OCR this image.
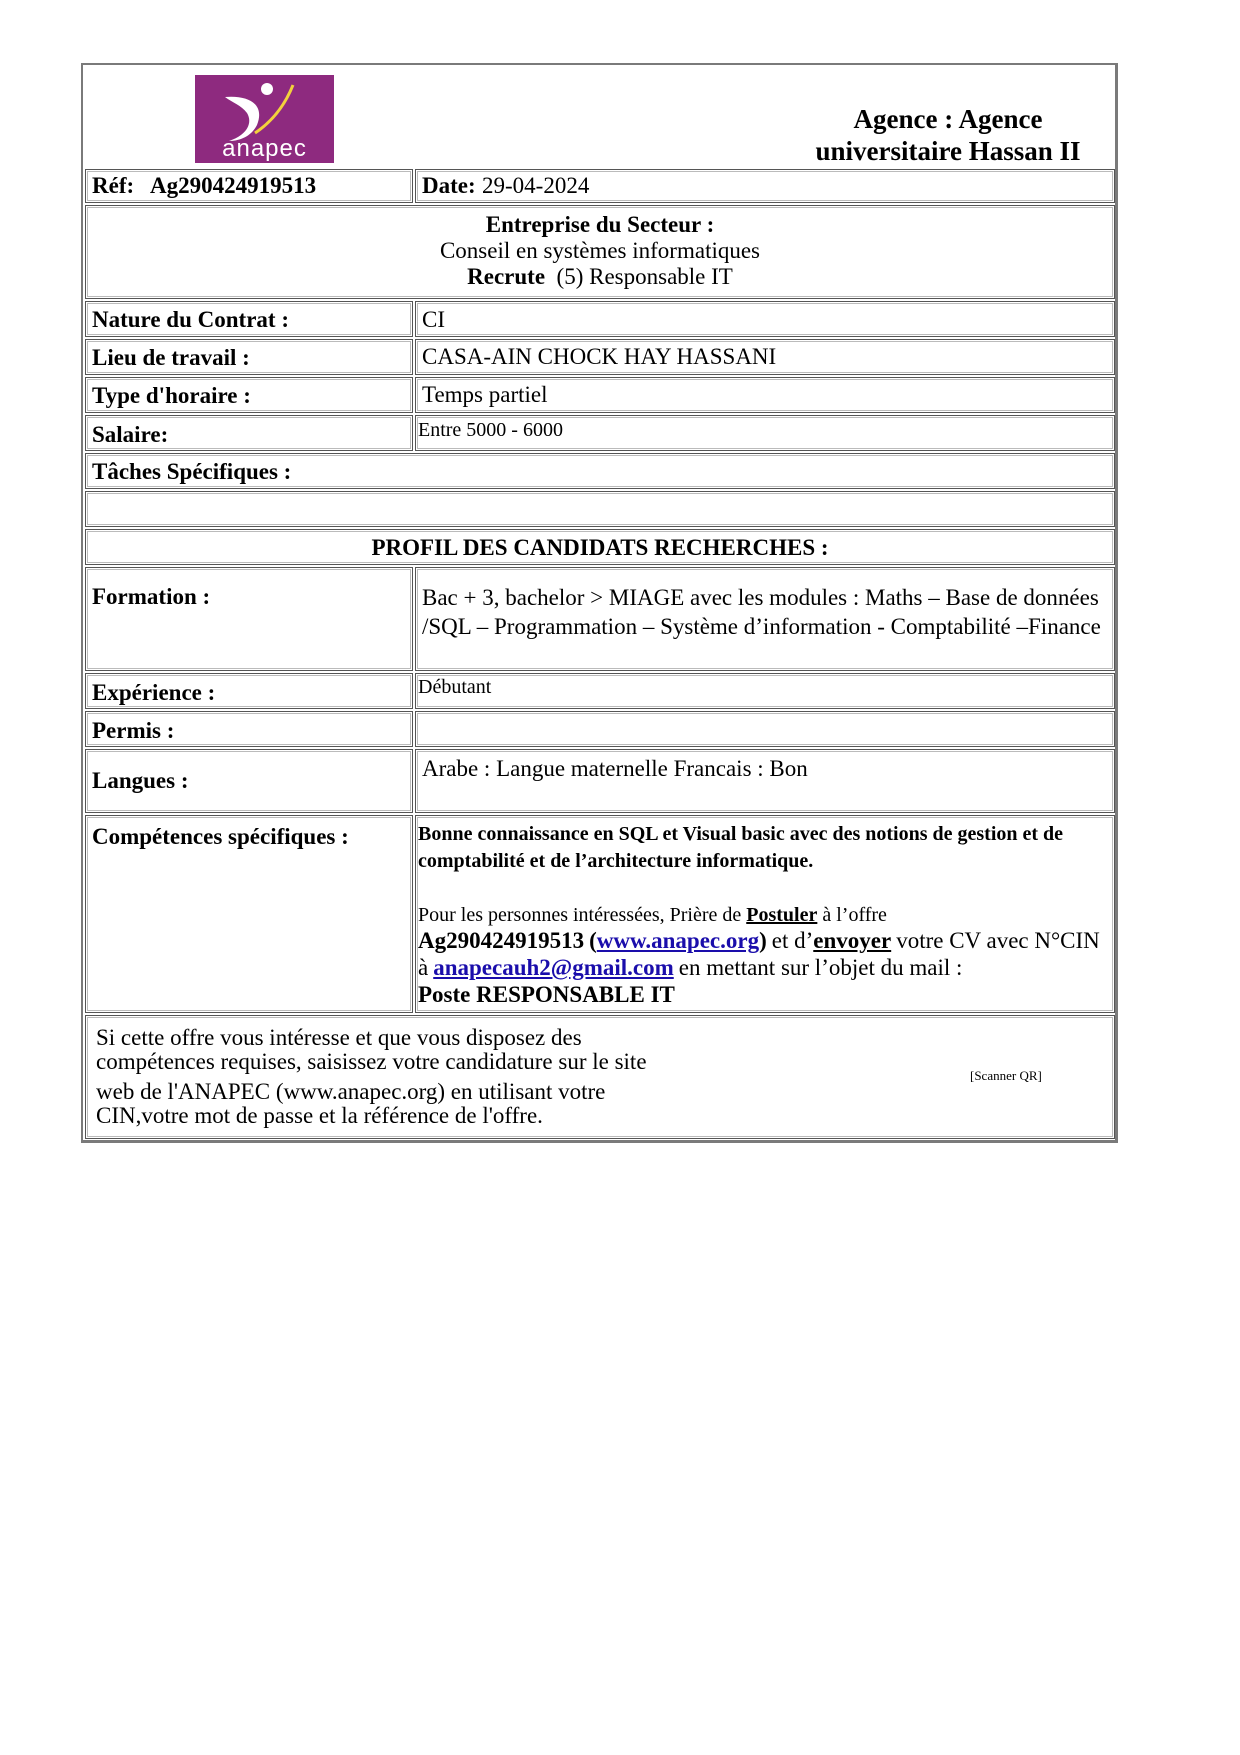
anapec
Agence : Agence
universitaire Hassan II
Réf: Ag290424919513	Date: 29-04-2024
Entreprise du Secteur :
Conseil en systèmes informatiques
Recrute (5) Responsable IT
Nature du Contrat :	CI
Lieu de travail :	CASA-AIN CHOCK HAY HASSANI
Type d'horaire :	Temps partiel
Salaire:	Entre 5000 - 6000
Tâches Spécifiques :
PROFIL DES CANDIDATS RECHERCHES :
Formation :	Bac + 3, bachelor > MIAGE avec les modules : Maths – Base de données /SQL – Programmation – Système d’information - Comptabilité –Finance
Expérience :	Débutant
Permis :
Langues :	Arabe : Langue maternelle Francais : Bon
Compétences spécifiques :	Bonne connaissance en SQL et Visual basic avec des notions de gestion et de comptabilité et de l’architecture informatique.
Pour les personnes intéressées, Prière de Postuler à l’offre
Ag290424919513 (www.anapec.org) et d’envoyer votre CV avec N°CIN à anapecauh2@gmail.com en mettant sur l’objet du mail :
Poste RESPONSABLE IT
Si cette offre vous intéresse et que vous disposez des
compétences requises, saisissez votre candidature sur le site
web de l'ANAPEC (www.anapec.org) en utilisant votre
CIN,votre mot de passe et la référence de l'offre.
[Scanner QR]
